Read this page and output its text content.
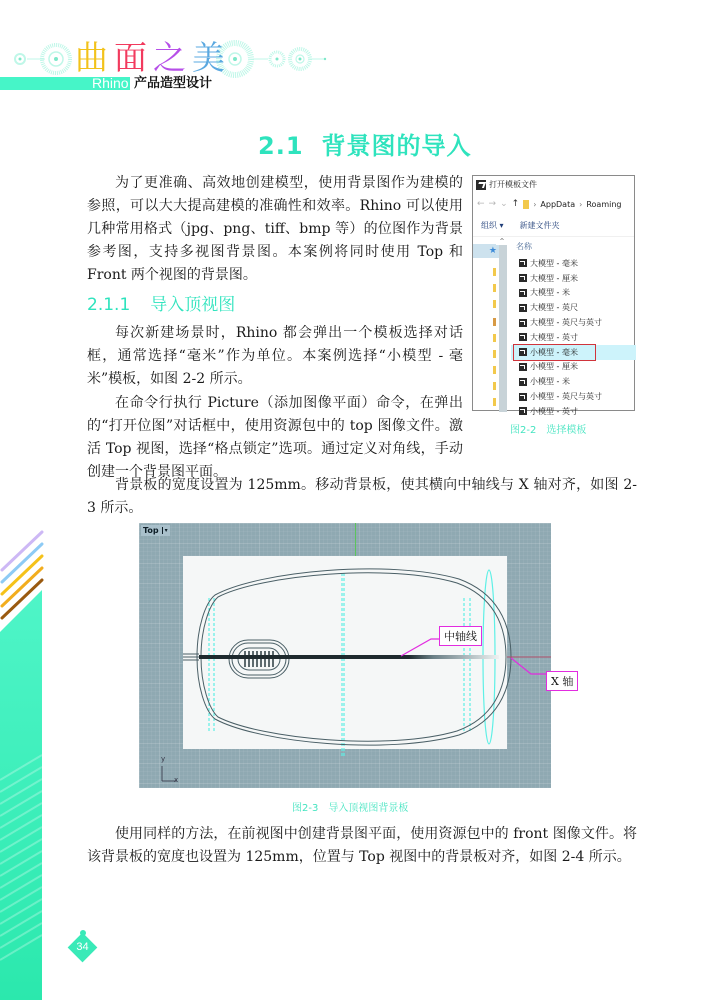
曲面之美
Rhino 产品造型设计
2.1 背景图的导入

为了更准确、高效地创建模型，使用背景图作为建模的参照，可以大大提高建模的准确性和效率。Rhino 可以使用几种常用格式（jpg、png、tiff、bmp 等）的位图作为背景参考图，支持多视图背景图。本案例将同时使用 Top 和 Front 两个视图的背景图。

2.1.1 导入顶视图

每次新建场景时，Rhino 都会弹出一个模板选择对话框，通常选择“毫米”作为单位。本案例选择“小模型 - 毫米”模板，如图 2-2 所示。

在命令行执行 Picture（添加图像平面）命令，在弹出的“打开位图”对话框中，使用资源包中的 top 图像文件。激活 Top 视图，选择“格点锁定”选项。通过定义对角线，手动创建一个背景图平面。

背景板的宽度设置为 125mm。移动背景板，使其横向中轴线与 X 轴对齐，如图 2-3 所示。

打开模板文件
← → ⌄ ↑ › AppData › Roaming
组织 ▾ 新建文件夹
★
^
名称
大模型 - 毫米
大模型 - 厘米
大模型 - 米
大模型 - 英尺
大模型 - 英尺与英寸
大模型 - 英寸
小模型 - 毫米
小模型 - 厘米
小模型 - 米
小模型 - 英尺与英寸
小模型 - 英寸
图2-2 选择模板
Top	▾
y
x
中轴线
X 轴
图2-3 导入顶视图背景板

使用同样的方法，在前视图中创建背景图平面，使用资源包中的 front 图像文件。将该背景板的宽度也设置为 125mm，位置与 Top 视图中的背景板对齐，如图 2-4 所示。

34
